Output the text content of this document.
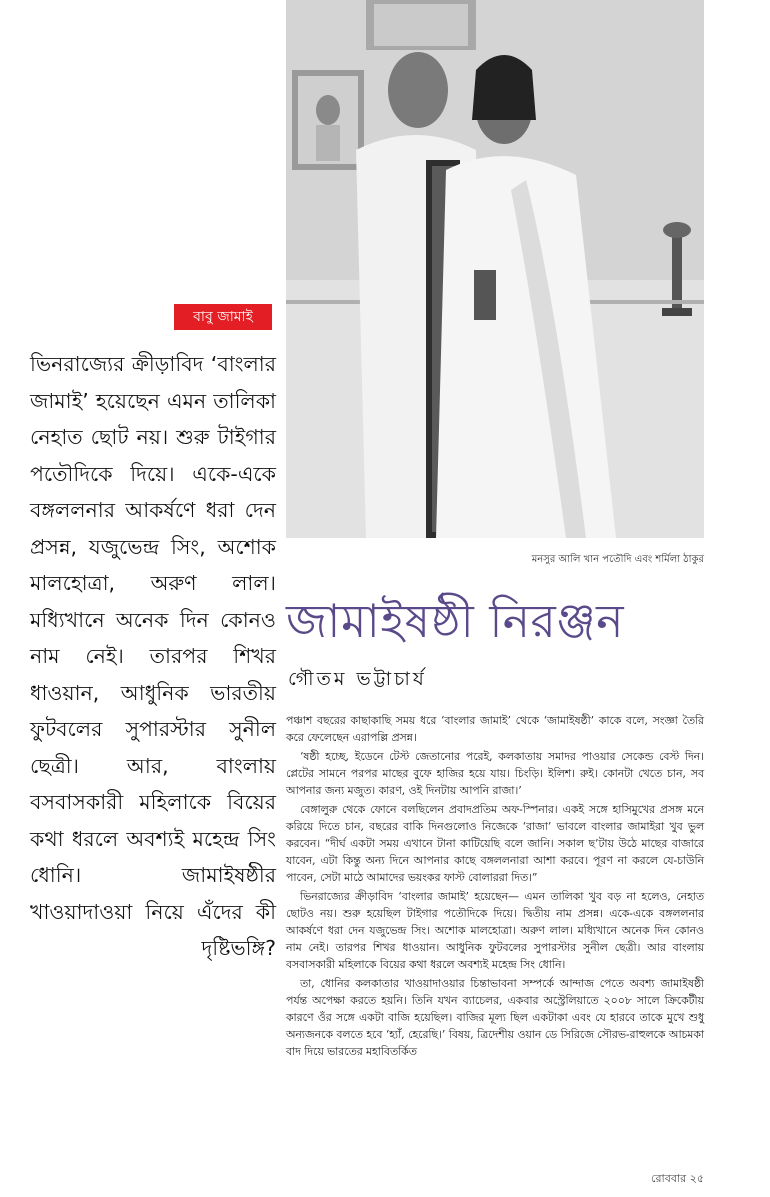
মনসুর আলি খান পতৌদি এবং শর্মিলা ঠাকুর
বাবু জামাই
ভিনরাজ্যের ক্রীড়াবিদ ‘বাংলার জামাই’ হয়েছেন এমন তালিকা নেহাত ছোট নয়। শুরু টাইগার পতৌদিকে দিয়ে। একে-একে বঙ্গললনার আকর্ষণে ধরা দেন প্রসন্ন, যজুভেন্দ্র সিং, অশোক মালহোত্রা, অরুণ লাল। মধ্যিখানে অনেক দিন কোনও নাম নেই। তারপর শিখর ধাওয়ান, আধুনিক ভারতীয় ফুটবলের সুপারস্টার সুনীল ছেত্রী। আর, বাংলায় বসবাসকারী মহিলাকে বিয়ের কথা ধরলে অবশ্যই মহেন্দ্র সিং ধোনি। জামাইষষ্ঠীর খাওয়াদাওয়া নিয়ে এঁদের কী দৃষ্টিভঙ্গি?
জামাইষষ্ঠী নিরঞ্জন
গৌতম ভট্টাচার্য

পঞ্চাশ বছরের কাছাকাছি সময় ধরে ‘বাংলার জামাই’ থেকে ‘জামাইষষ্ঠী’ কাকে বলে, সংজ্ঞা তৈরি করে ফেলেছেন এরাপল্লি প্রসন্ন।

‘ষষ্ঠী হচ্ছে, ইডেনে টেস্ট জেতানোর পরেই, কলকাতায় সমাদর পাওয়ার সেকেন্ড বেস্ট দিন। প্লেটের সামনে পরপর মাছের বুফে হাজির হয়ে যায়। চিংড়ি। ইলিশ। রুই। কোনটা খেতে চান, সব আপনার জন্য মজুত। কারণ, ওই দিনটায় আপনি রাজা।’

বেঙ্গালুরু থেকে ফোনে বলছিলেন প্রবাদপ্রতিম অফ-স্পিনার। একই সঙ্গে হাসিমুখের প্রসঙ্গ মনে করিয়ে দিতে চান, বছরের বাকি দিনগুলোও নিজেকে ‘রাজা’ ভাবলে বাংলার জামাইরা খুব ভুল করবেন। “দীর্ঘ একটা সময় এখানে টানা কাটিয়েছি বলে জানি। সকাল ছ’টায় উঠে মাছের বাজারে যাবেন, এটা কিন্তু অন্য দিনে আপনার কাছে বঙ্গললনারা আশা করবে। পূরণ না করলে যে-চাউনি পাবেন, সেটা মাঠে আমাদের ভয়ংকর ফাস্ট বোলাররা দিত।”

ভিনরাজ্যের ক্রীড়াবিদ ‘বাংলার জামাই’ হয়েছেন— এমন তালিকা খুব বড় না হলেও, নেহাত ছোটও নয়। শুরু হয়েছিল টাইগার পতৌদিকে দিয়ে। দ্বিতীয় নাম প্রসন্ন। একে-একে বঙ্গললনার আকর্ষণে ধরা দেন যজুভেন্দ্র সিং। অশোক মালহোত্রা। অরুণ লাল। মধ্যিখানে অনেক দিন কোনও নাম নেই। তারপর শিখর ধাওয়ান। আধুনিক ফুটবলের সুপারস্টার সুনীল ছেত্রী। আর বাংলায় বসবাসকারী মহিলাকে বিয়ের কথা ধরলে অবশ্যই মহেন্দ্র সিং ধোনি।

তা, ধোনির কলকাতার খাওয়াদাওয়ার চিন্তাভাবনা সম্পর্কে আন্দাজ পেতে অবশ্য জামাইষষ্ঠী পর্যন্ত অপেক্ষা করতে হয়নি। তিনি যখন ব্যাচেলর, একবার অস্ট্রেলিয়াতে ২০০৮ সালে ক্রিকেটীয় কারণে ওঁর সঙ্গে একটা বাজি হয়েছিল। বাজির মূল্য ছিল একটাকা এবং যে হারবে তাকে মুখে শুধু অন্যজনকে বলতে হবে ‘হ্যাঁ, হেরেছি।’ বিষয়, ত্রিদেশীয় ওয়ান ডে সিরিজে সৌরভ-রাহুলকে আচমকা বাদ দিয়ে ভারতের মহাবিতর্কিত

রোববার ২৫
